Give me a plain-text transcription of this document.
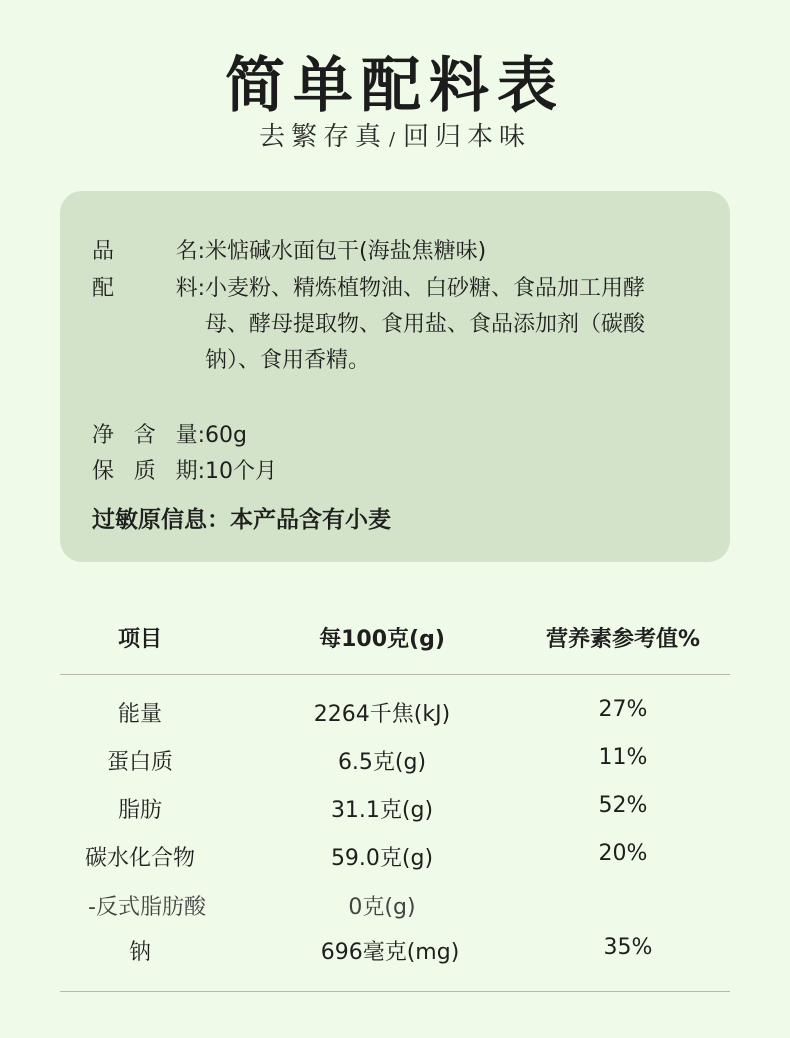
简单配料表
去繁存真 /回归本味
品	名: 米惦碱水面包干(海盐焦糖味)
配	料: 小麦粉、精炼植物油、白砂糖、食品加工用酵
母、酵母提取物、食用盐、食品添加剂（碳酸
钠）、食用香精。
净 含 量: 60g
保 质 期: 10个月
过敏原信息：本产品含有小麦
项目	每100克(g)	营养素参考值%
能量	2264千焦(kJ)	27%
蛋白质	6.5克(g)	11%
脂肪	31.1克(g)	52%
碳水化合物	59.0克(g)	20%
-反式脂肪酸	0克(g)
钠	696毫克(mg)	35%
